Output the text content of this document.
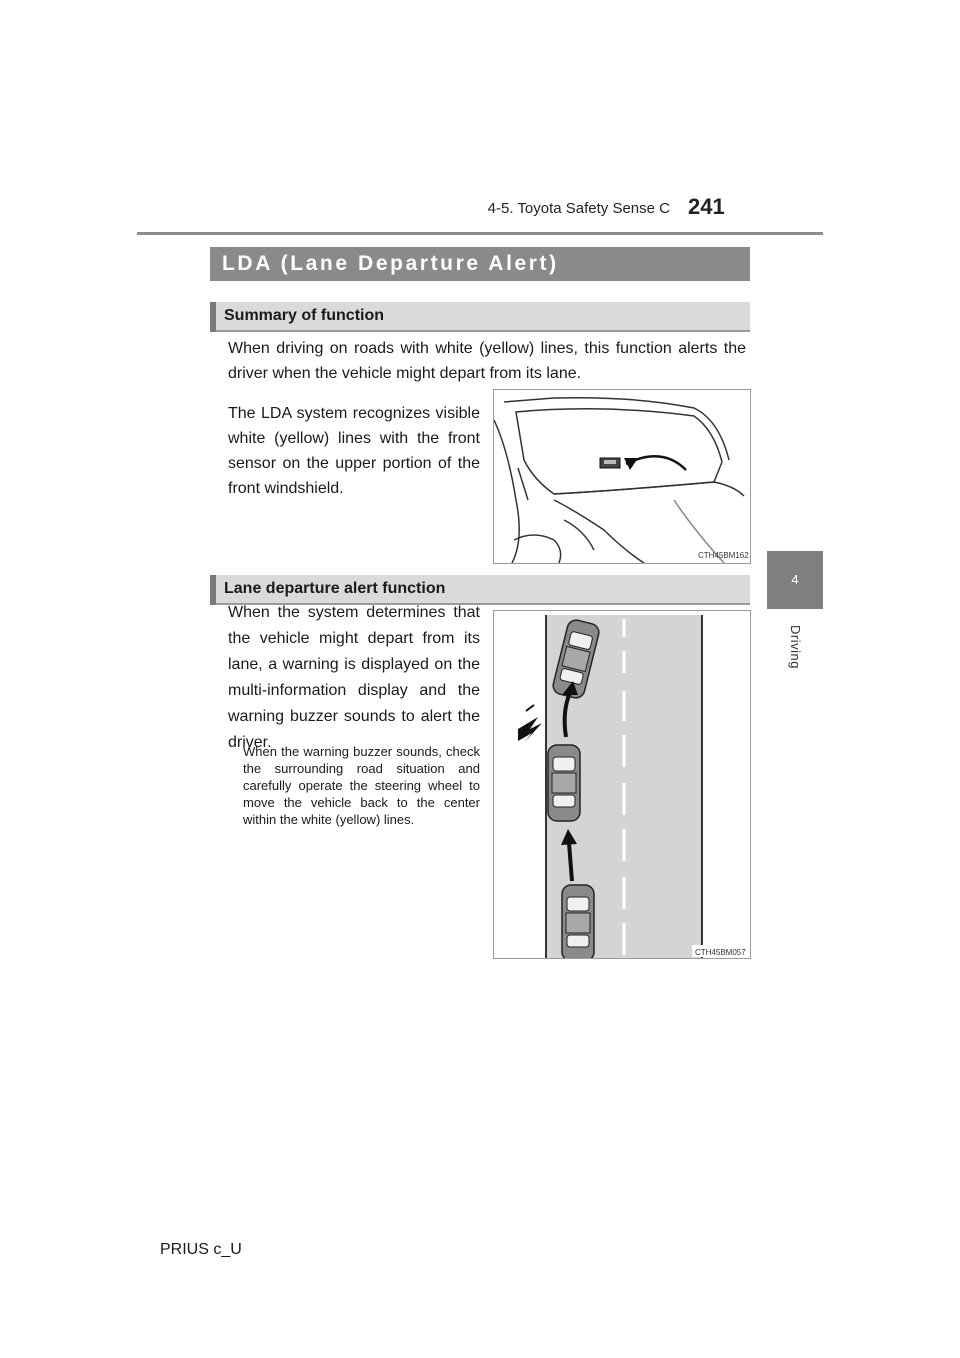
4-5. Toyota Safety Sense C 241
4
Driving
LDA (Lane Departure Alert)
Summary of function
When driving on roads with white (yellow) lines, this function alerts the driver when the vehicle might depart from its lane.
The LDA system recognizes visible white (yellow) lines with the front sensor on the upper portion of the front windshield.
CTH45BM162
Lane departure alert function
When the system determines that the vehicle might depart from its lane, a warning is displayed on the multi-information display and the warning buzzer sounds to alert the driver.
When the warning buzzer sounds, check the surrounding road situation and carefully operate the steering wheel to move the vehicle back to the center within the white (yellow) lines.
CTH45BM057
PRIUS c_U
